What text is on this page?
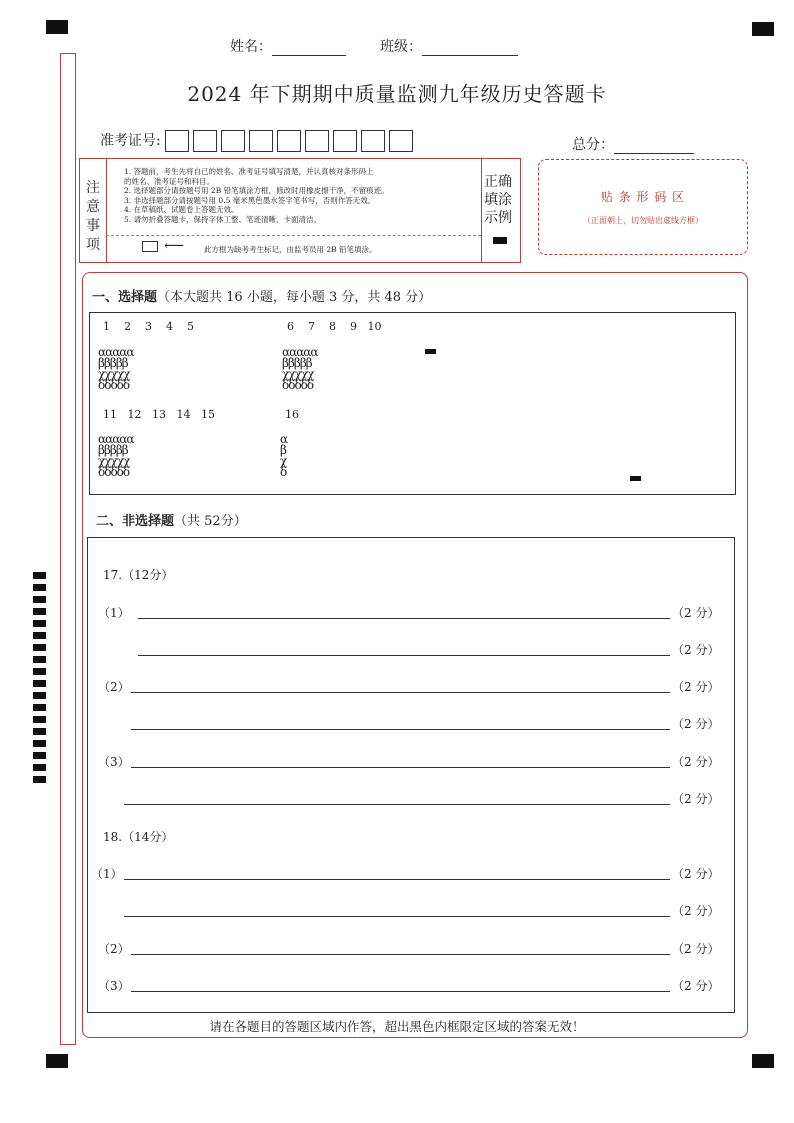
姓名：	班级：
2024 年下期期中质量监测九年级历史答题卡
准考证号:	总分：
注
意
事
项
1. 答题前，考生先将自己的姓名、准考证号填写清楚，并认真核对条形码上
的姓名、准考证号和科目。
2. 选择题部分请按题号用 2B 铅笔填涂方框，修改时用橡皮擦干净，不留痕迹。
3. 非选择题部分请按题号用 0.5 毫米黑色墨水签字笔书写，否则作答无效。
4. 在草稿纸、试题卷上答题无效。
5. 请勿折叠答题卡，保持字体工整、笔迹清晰、卡面清洁。
⟵	此方框为缺考考生标记，由监考员用 2B 铅笔填涂。
正确
填涂
示例
贴 条 形 码 区
（正面朝上，切勿贴出虚线方框）
一、选择题（本大题共 16 小题，每小题 3 分，共 48 分）
1    2    3    4    5
ααααα
βββββ
χχχχχ
δδδδδ
6    7    8    9   10
ααααα
βββββ
χχχχχ
δδδδδ
11   12   13   14   15
ααααα
βββββ
χχχχχ
δδδδδ
16
α
β
χ
δ
二、非选择题（共 52分）
17.（12分）
（1）	（2 分）
（2 分）
（2）	（2 分）
（2 分）
（3）	（2 分）
（2 分）
18.（14分）
（1）	（2 分）
（2 分）
（2）	（2 分）
（3）	（2 分）
请在各题目的答题区域内作答，超出黑色内框限定区域的答案无效！
